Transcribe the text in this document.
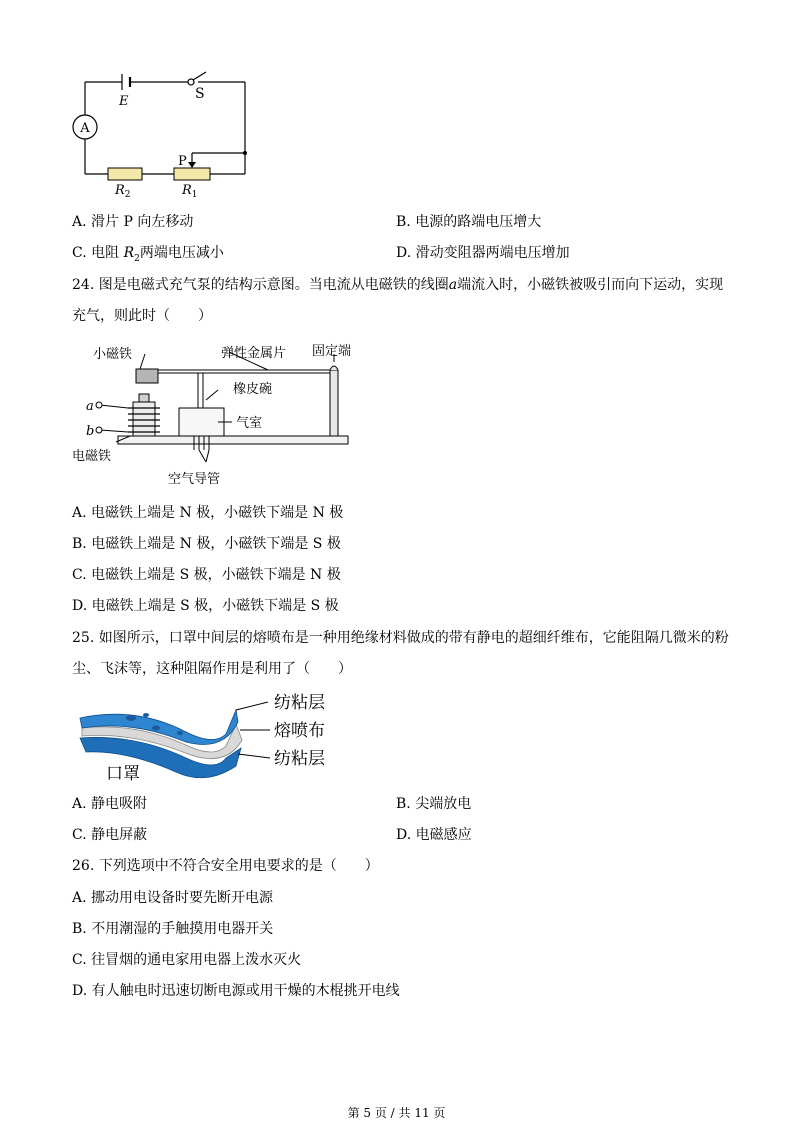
A
E	S
P
$R_2$	$R_1$
A. 滑片 P 向左移动	B. 电源的路端电压增大
C. 电阻 $R_2$两端电压减小	D. 滑动变阻器两端电压增加
24. 图是电磁式充气泵的结构示意图。当电流从电磁铁的线圈a端流入时，小磁铁被吸引而向下运动，实现
充气，则此时（　　）
小磁铁	弹性金属片 固定端
橡皮碗
气室
a
b
电磁铁
空气导管
A. 电磁铁上端是 N 极，小磁铁下端是 N 极
B. 电磁铁上端是 N 极，小磁铁下端是 S 极
C. 电磁铁上端是 S 极，小磁铁下端是 N 极
D. 电磁铁上端是 S 极，小磁铁下端是 S 极
25. 如图所示，口罩中间层的熔喷布是一种用绝缘材料做成的带有静电的超细纤维布，它能阻隔几微米的粉
尘、飞沫等，这种阻隔作用是利用了（　　）
纺粘层
熔喷布
纺粘层
口罩
A. 静电吸附	B. 尖端放电
C. 静电屏蔽	D. 电磁感应
26. 下列选项中不符合安全用电要求的是（　　）
A. 挪动用电设备时要先断开电源
B. 不用潮湿的手触摸用电器开关
C. 往冒烟的通电家用电器上泼水灭火
D. 有人触电时迅速切断电源或用干燥的木棍挑开电线
第 5 页 / 共 11 页
